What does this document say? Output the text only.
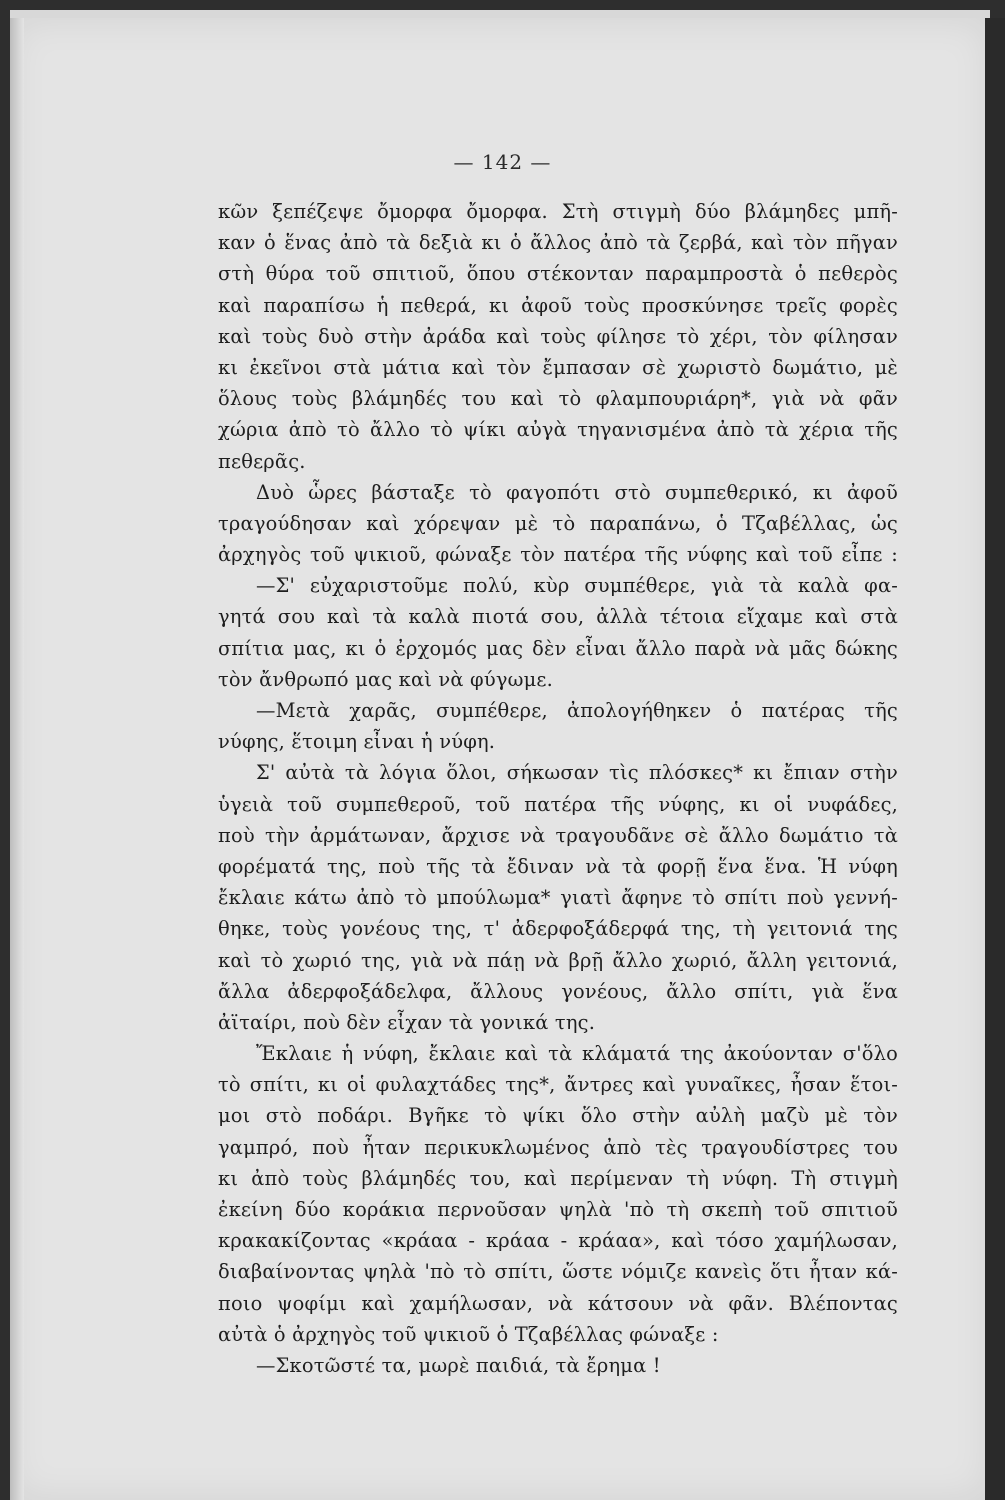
— 142 —
κῶν ξεπέζεψε ὄμορφα ὄμορφα. Στὴ στιγμὴ δύο βλάμηδες μπῆ-
καν ὁ ἕνας ἀπὸ τὰ δεξιὰ κι ὁ ἄλλος ἀπὸ τὰ ζερβά, καὶ τὸν πῆγαν
στὴ θύρα τοῦ σπιτιοῦ, ὅπου στέκονταν παραμπροστὰ ὁ πεθερὸς
καὶ παραπίσω ἡ πεθερά, κι ἀφοῦ τοὺς προσκύνησε τρεῖς φορὲς
καὶ τοὺς δυὸ στὴν ἀράδα καὶ τοὺς φίλησε τὸ χέρι, τὸν φίλησαν
κι ἐκεῖνοι στὰ μάτια καὶ τὸν ἔμπασαν σὲ χωριστὸ δωμάτιο, μὲ
ὅλους τοὺς βλάμηδές του καὶ τὸ φλαμπουριάρη*, γιὰ νὰ φᾶν
χώρια ἀπὸ τὸ ἄλλο τὸ ψίκι αὐγὰ τηγανισμένα ἀπὸ τὰ χέρια τῆς
πεθερᾶς.
Δυὸ ὧρες βάσταξε τὸ φαγοπότι στὸ συμπεθερικό, κι ἀφοῦ
τραγούδησαν καὶ χόρεψαν μὲ τὸ παραπάνω, ὁ Τζαβέλλας, ὡς
ἀρχηγὸς τοῦ ψικιοῦ, φώναξε τὸν πατέρα τῆς νύφης καὶ τοῦ εἶπε :
—Σ' εὐχαριστοῦμε πολύ, κὺρ συμπέθερε, γιὰ τὰ καλὰ φα-
γητά σου καὶ τὰ καλὰ πιοτά σου, ἀλλὰ τέτοια εἴχαμε καὶ στὰ
σπίτια μας, κι ὁ ἐρχομός μας δὲν εἶναι ἄλλο παρὰ νὰ μᾶς δώκης
τὸν ἄνθρωπό μας καὶ νὰ φύγωμε.
—Μετὰ χαρᾶς, συμπέθερε, ἀπολογήθηκεν ὁ πατέρας τῆς
νύφης, ἕτοιμη εἶναι ἡ νύφη.
Σ' αὐτὰ τὰ λόγια ὅλοι, σήκωσαν τὶς πλόσκες* κι ἔπιαν στὴν
ὑγειὰ τοῦ συμπεθεροῦ, τοῦ πατέρα τῆς νύφης, κι οἱ νυφάδες,
ποὺ τὴν ἀρμάτωναν, ἄρχισε νὰ τραγουδᾶνε σὲ ἄλλο δωμάτιο τὰ
φορέματά της, ποὺ τῆς τὰ ἔδιναν νὰ τὰ φορῇ ἕνα ἕνα. Ἡ νύφη
ἔκλαιε κάτω ἀπὸ τὸ μπούλωμα* γιατὶ ἄφηνε τὸ σπίτι ποὺ γεννή-
θηκε, τοὺς γονέους της, τ' ἀδερφοξάδερφά της, τὴ γειτονιά της
καὶ τὸ χωριό της, γιὰ νὰ πάῃ νὰ βρῇ ἄλλο χωριό, ἄλλη γειτονιά,
ἄλλα ἀδερφοξάδελφα, ἄλλους γονέους, ἄλλο σπίτι, γιὰ ἕνα
ἀϊταίρι, ποὺ δὲν εἶχαν τὰ γονικά της.
Ἔκλαιε ἡ νύφη, ἔκλαιε καὶ τὰ κλάματά της ἀκούονταν σ'ὅλο
τὸ σπίτι, κι οἱ φυλαχτάδες της*, ἄντρες καὶ γυναῖκες, ἦσαν ἕτοι-
μοι στὸ ποδάρι. Βγῆκε τὸ ψίκι ὅλο στὴν αὐλὴ μαζὺ μὲ τὸν
γαμπρό, ποὺ ἦταν περικυκλωμένος ἀπὸ τὲς τραγουδίστρες του
κι ἀπὸ τοὺς βλάμηδές του, καὶ περίμεναν τὴ νύφη. Τὴ στιγμὴ
ἐκείνη δύο κοράκια περνοῦσαν ψηλὰ 'πὸ τὴ σκεπὴ τοῦ σπιτιοῦ
κρακακίζοντας «κράαα - κράαα - κράαα», καὶ τόσο χαμήλωσαν,
διαβαίνοντας ψηλὰ 'πὸ τὸ σπίτι, ὥστε νόμιζε κανεὶς ὅτι ἦταν κά-
ποιο ψοφίμι καὶ χαμήλωσαν, νὰ κάτσουν νὰ φᾶν. Βλέποντας
αὐτὰ ὁ ἀρχηγὸς τοῦ ψικιοῦ ὁ Τζαβέλλας φώναξε :
—Σκοτῶστέ τα, μωρὲ παιδιά, τὰ ἔρημα !
